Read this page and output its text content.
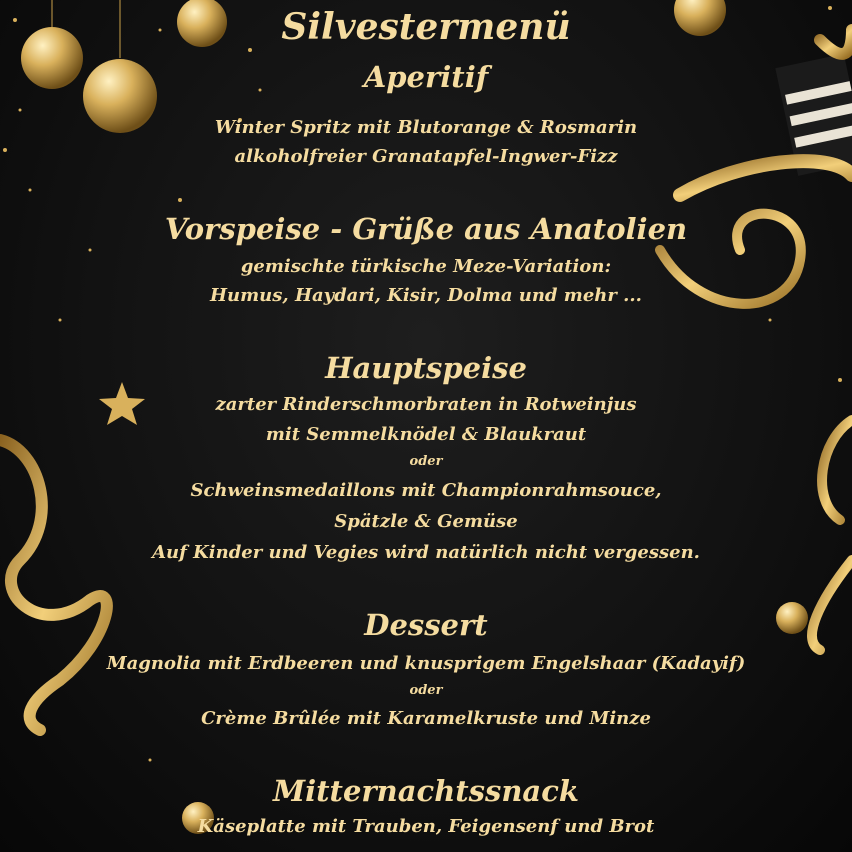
Silvestermenü
Aperitif
Winter Spritz mit Blutorange & Rosmarin
alkoholfreier Granatapfel-Ingwer-Fizz
Vorspeise - Grüße aus Anatolien
gemischte türkische Meze-Variation:
Humus, Haydari, Kisir, Dolma und mehr ...
Hauptspeise
zarter Rinderschmorbraten in Rotweinjus
mit Semmelknödel & Blaukraut
oder
Schweinsmedaillons mit Championrahmsouce,
Spätzle & Gemüse
Auf Kinder und Vegies wird natürlich nicht vergessen.
Dessert
Magnolia mit Erdbeeren und knusprigem Engelshaar (Kadayif)
oder
Crème Brûlée mit Karamelkruste und Minze
Mitternachtssnack
Käseplatte mit Trauben, Feigensenf und Brot
